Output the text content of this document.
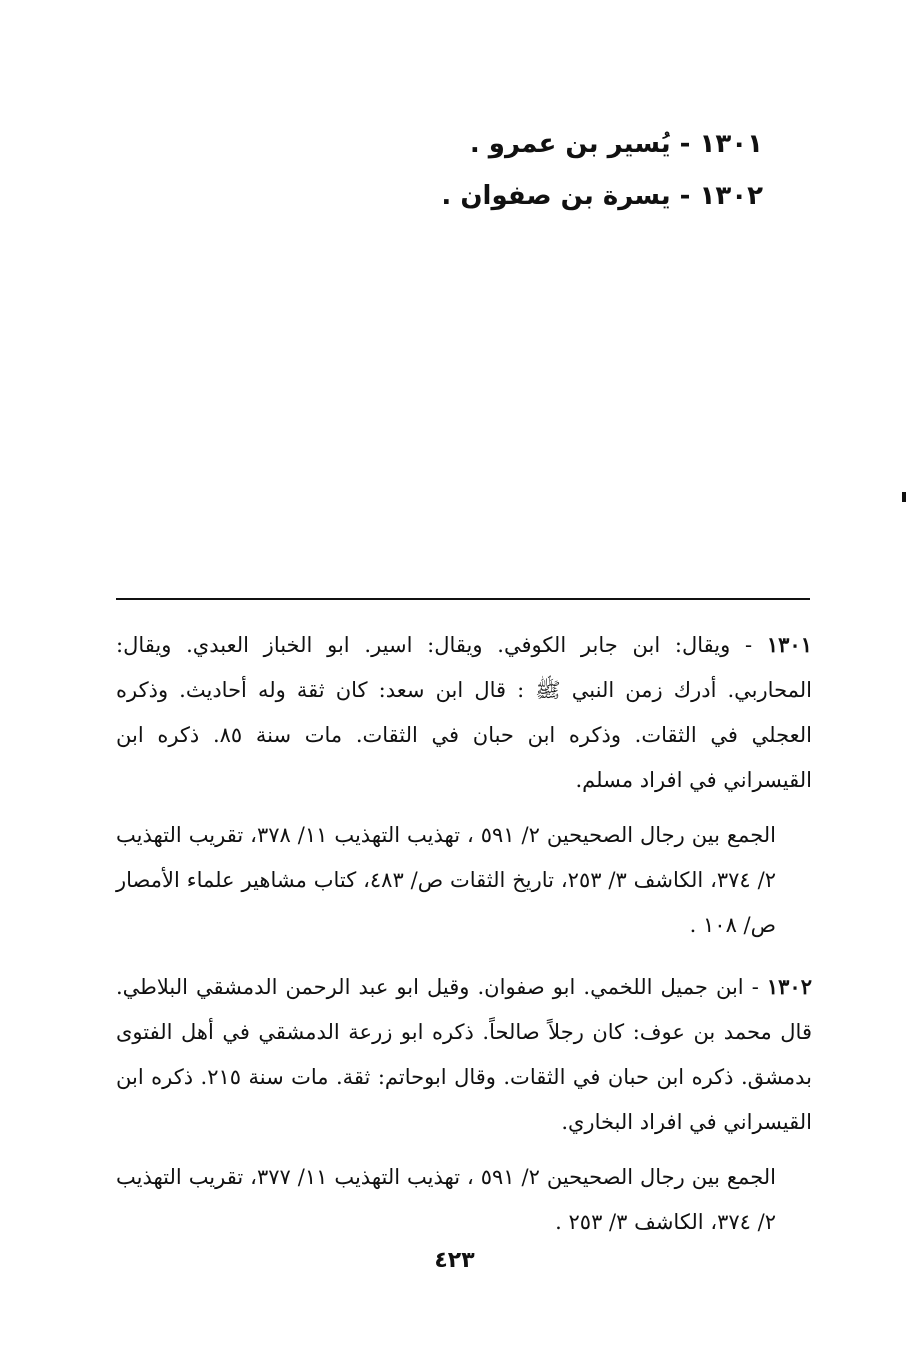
١٣٠١ - يُسير بن عمرو .
١٣٠٢ - يسرة بن صفوان .

١٣٠١ - ويقال: ابن جابر الكوفي. ويقال: اسير. ابو الخباز العبدي. ويقال: المحاربي. أدرك زمن النبي ﷺ : قال ابن سعد: كان ثقة وله أحاديث. وذكره العجلي في الثقات. وذكره ابن حبان في الثقات. مات سنة ٨٥. ذكره ابن القيسراني في افراد مسلم.

الجمع بين رجال الصحيحين ٢/ ٥٩١ ، تهذيب التهذيب ١١/ ٣٧٨، تقريب التهذيب ٢/ ٣٧٤، الكاشف ٣/ ٢٥٣، تاريخ الثقات ص/ ٤٨٣، كتاب مشاهير علماء الأمصار ص/ ١٠٨ .

١٣٠٢ - ابن جميل اللخمي. ابو صفوان. وقيل ابو عبد الرحمن الدمشقي البلاطي. قال محمد بن عوف: كان رجلاً صالحاً. ذكره ابو زرعة الدمشقي في أهل الفتوى بدمشق. ذكره ابن حبان في الثقات. وقال ابوحاتم: ثقة. مات سنة ٢١٥. ذكره ابن القيسراني في افراد البخاري.

الجمع بين رجال الصحيحين ٢/ ٥٩١ ، تهذيب التهذيب ١١/ ٣٧٧، تقريب التهذيب ٢/ ٣٧٤، الكاشف ٣/ ٢٥٣ .

٤٢٣
